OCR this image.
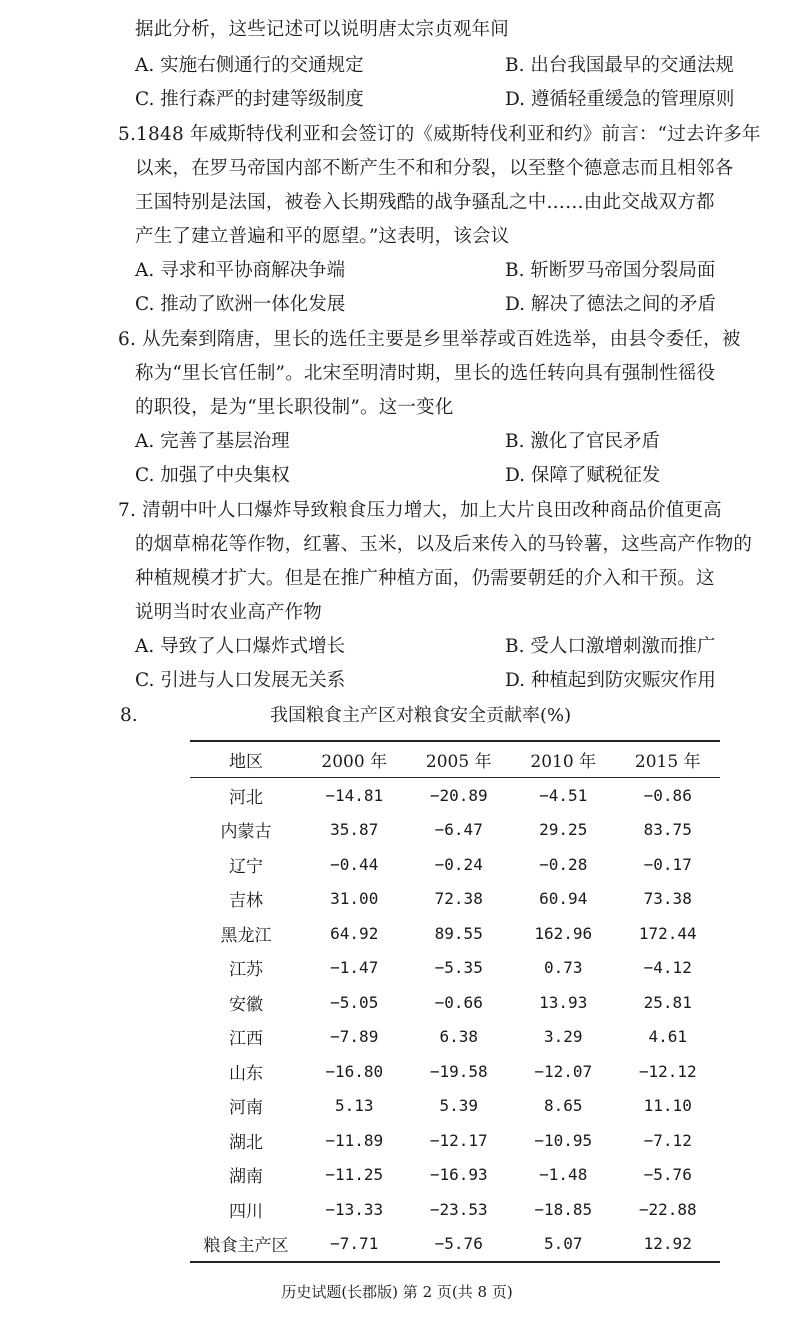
据此分析，这些记述可以说明唐太宗贞观年间
A. 实施右侧通行的交通规定	B. 出台我国最早的交通法规
C. 推行森严的封建等级制度	D. 遵循轻重缓急的管理原则
5.1848 年威斯特伐利亚和会签订的《威斯特伐利亚和约》前言：“过去许多年
以来，在罗马帝国内部不断产生不和和分裂，以至整个德意志而且相邻各
王国特别是法国，被卷入长期残酷的战争骚乱之中……由此交战双方都
产生了建立普遍和平的愿望。”这表明，该会议
A. 寻求和平协商解决争端	B. 斩断罗马帝国分裂局面
C. 推动了欧洲一体化发展	D. 解决了德法之间的矛盾
6. 从先秦到隋唐，里长的选任主要是乡里举荐或百姓选举，由县令委任，被
称为“里长官任制”。北宋至明清时期，里长的选任转向具有强制性徭役
的职役，是为“里长职役制”。这一变化
A. 完善了基层治理	B. 激化了官民矛盾
C. 加强了中央集权	D. 保障了赋税征发
7. 清朝中叶人口爆炸导致粮食压力增大，加上大片良田改种商品价值更高
的烟草棉花等作物，红薯、玉米，以及后来传入的马铃薯，这些高产作物的
种植规模才扩大。但是在推广种植方面，仍需要朝廷的介入和干预。这
说明当时农业高产作物
A. 导致了人口爆炸式增长	B. 受人口激增刺激而推广
C. 引进与人口发展无关系	D. 种植起到防灾赈灾作用
8.	我国粮食主产区对粮食安全贡献率(%)
地区	2000 年	2005 年	2010 年	2015 年
河北	−14.81	−20.89	−4.51	−0.86
内蒙古	35.87	−6.47	29.25	83.75
辽宁	−0.44	−0.24	−0.28	−0.17
吉林	31.00	72.38	60.94	73.38
黑龙江	64.92	89.55	162.96	172.44
江苏	−1.47	−5.35	0.73	−4.12
安徽	−5.05	−0.66	13.93	25.81
江西	−7.89	6.38	3.29	4.61
山东	−16.80	−19.58	−12.07	−12.12
河南	5.13	5.39	8.65	11.10
湖北	−11.89	−12.17	−10.95	−7.12
湖南	−11.25	−16.93	−1.48	−5.76
四川	−13.33	−23.53	−18.85	−22.88
粮食主产区	−7.71	−5.76	5.07	12.92
历史试题(长郡版) 第 2 页(共 8 页)
